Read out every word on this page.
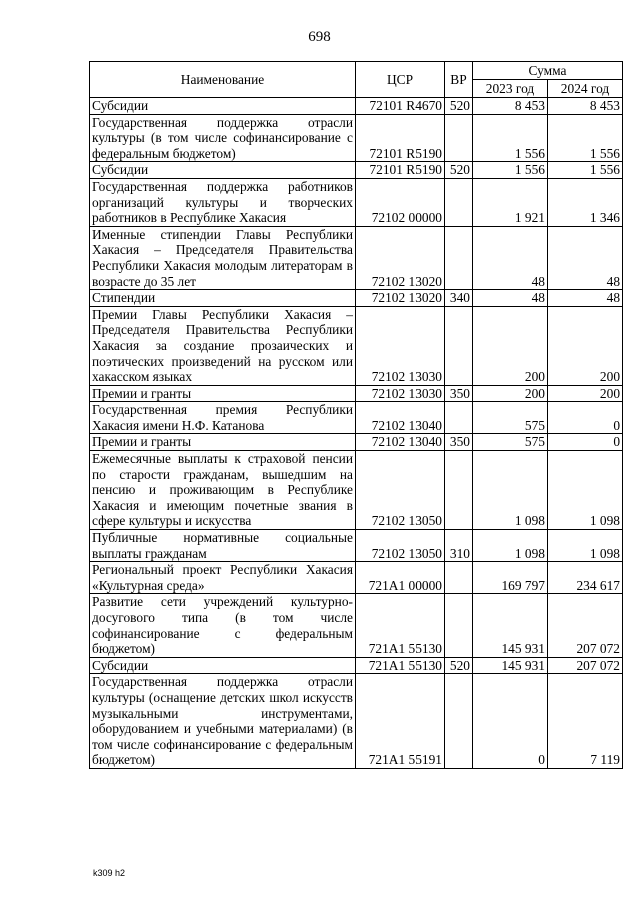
698
Наименование	ЦСР	ВР	Сумма	
			2023 год	2024 год
Субсидии	72101 R4670	520	8 453	8 453
Государственная поддержка отрасли культуры (в том числе софинансирование с федеральным бюджетом)	72101 R5190		1 556	1 556
Субсидии	72101 R5190	520	1 556	1 556
Государственная поддержка работников организаций культуры и творческих работников в Республике Хакасия	72102 00000		1 921	1 346
Именные стипендии Главы Республики Хакасия – Председателя Правительства Республики Хакасия молодым литераторам в возрасте до 35 лет	72102 13020		48	48
Стипендии	72102 13020	340	48	48
Премии Главы Республики Хакасия – Председателя Правительства Республики Хакасия за создание прозаических и поэтических произведений на русском или хакасском языках	72102 13030		200	200
Премии и гранты	72102 13030	350	200	200
Государственная премия Республики Хакасия имени Н.Ф. Катанова	72102 13040		575	0
Премии и гранты	72102 13040	350	575	0
Ежемесячные выплаты к страховой пенсии по старости гражданам, вышедшим на пенсию и проживающим в Республике Хакасия и имеющим почетные звания в сфере культуры и искусства	72102 13050		1 098	1 098
Публичные нормативные социальные выплаты гражданам	72102 13050	310	1 098	1 098
Региональный проект Республики Хакасия «Культурная среда»	721A1 00000		169 797	234 617
Развитие сети учреждений культурно-досугового типа (в том числе софинансирование с федеральным бюджетом)	721A1 55130		145 931	207 072
Субсидии	721A1 55130	520	145 931	207 072
Государственная поддержка отрасли культуры (оснащение детских школ искусств музыкальными инструментами, оборудованием и учебными материалами) (в том числе софинансирование с федеральным бюджетом)	721A1 55191		0	7 119
k309 h2
